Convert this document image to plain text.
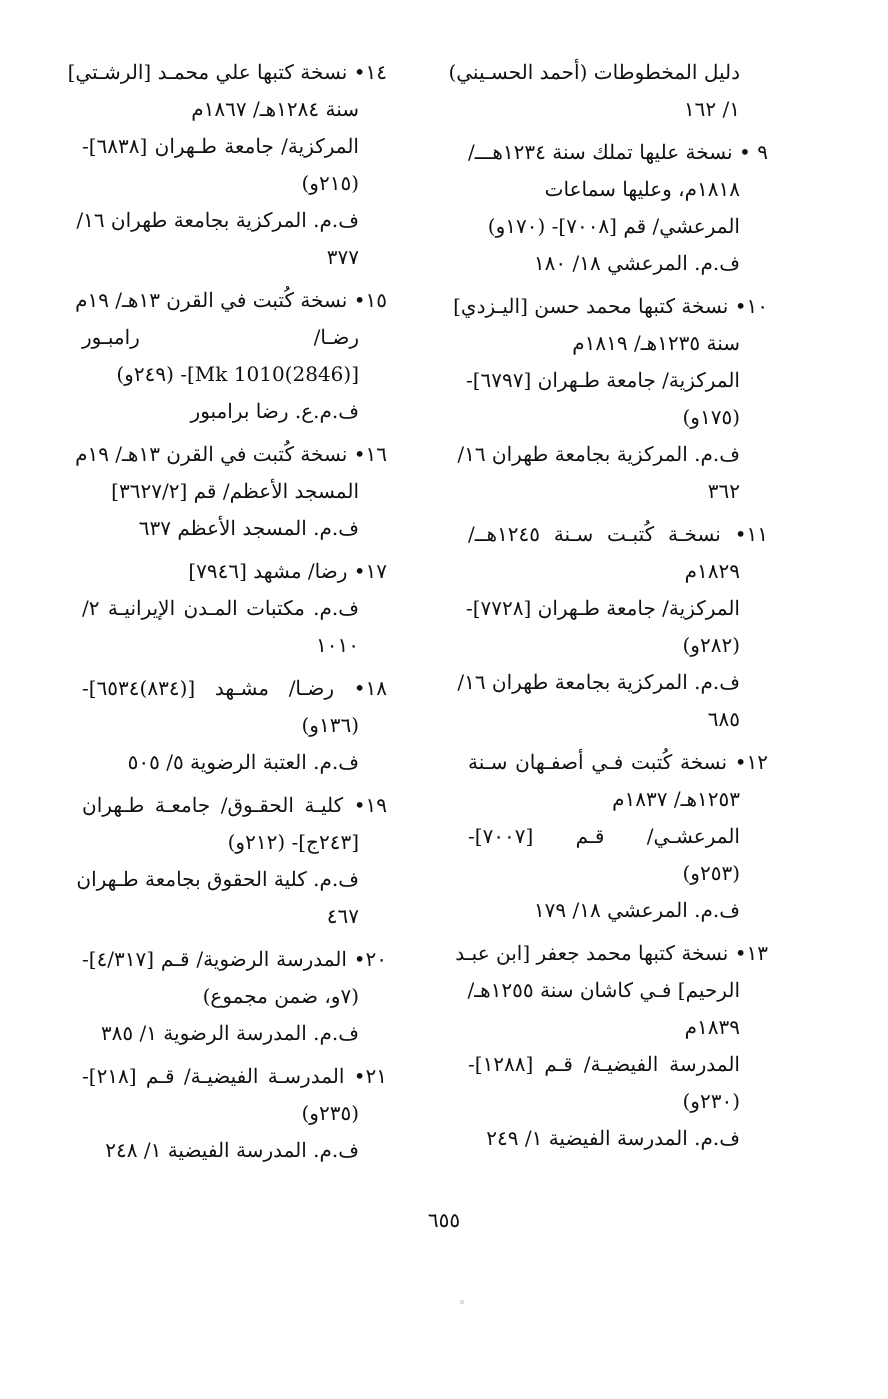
دليل المخطوطات (أحمد الحسـيني)
١/ ١٦٢
٩ • نسخة عليها تملك سنة ١٢٣٤هـــ/
١٨١٨م، وعليها سماعات
المرعشي/ قم [٧٠٠٨]- (١٧٠و)
ف.م. المرعشي ١٨/ ١٨٠
١٠• نسخة كتبها محمد حسن [اليـزدي]
سنة ١٢٣٥هـ/ ١٨١٩م
المركزية/ جامعة طـهران [٦٧٩٧]-
(١٧٥و)
ف.م. المركزية بجامعة طهران ١٦/
٣٦٢
١١• نسخـة كُتبـت سـنة ١٢٤٥هــ/
١٨٢٩م
المركزية/ جامعة طـهران [٧٧٢٨]-
(٢٨٢و)
ف.م. المركزية بجامعة طهران ١٦/
٦٨٥
١٢• نسخة كُتبت فـي أصفـهان سـنة
١٢٥٣هـ/ ١٨٣٧م
المرعشـي/ قـم [٧٠٠٧]-
(٢٥٣و)
ف.م. المرعشي ١٨/ ١٧٩
١٣• نسخة كتبها محمد جعفر [ابن عبـد
الرحيم] فـي كاشان سنة ١٢٥٥هـ/
١٨٣٩م
المدرسة الفيضيـة/ قـم [١٢٨٨]-
(٢٣٠و)
ف.م. المدرسة الفيضية ١/ ٢٤٩
١٤• نسخة كتبها علي محمـد [الرشـتي]
سنة ١٢٨٤هـ/ ١٨٦٧م
المركزية/ جامعة طـهران [٦٨٣٨]-
(٢١٥و)
ف.م. المركزية بجامعة طهران ١٦/
٣٧٧
١٥• نسخة كُتبت في القرن ١٣هـ/ ١٩م
رضـا/ رامبـور
[(2846)1010 Mk]- (٢٤٩و)
ف.م.ع. رضا برامبور
١٦• نسخة كُتبت في القرن ١٣هـ/ ١٩م
المسجد الأعظم/ قم [٣٦٢٧/٢]
ف.م. المسجد الأعظم ٦٣٧
١٧• رضا/ مشهد [٧٩٤٦]
ف.م. مكتبات المـدن الإيرانيـة ٢/
١٠١٠
١٨• رضـا/ مشـهد [(٨٣٤)٦٥٣٤]-
(١٣٦و)
ف.م. العتبة الرضوية ٥/ ٥٠٥
١٩• كليـة الحقـوق/ جامعـة طـهران
[٢٤٣ج]- (٢١٢و)
ف.م. كلية الحقوق بجامعة طـهران
٤٦٧
٢٠• المدرسة الرضوية/ قـم [٤/٣١٧]-
(٧و، ضمن مجموع)
ف.م. المدرسة الرضوية ١/ ٣٨٥
٢١• المدرسـة الفيضيـة/ قـم [٢١٨]-
(٢٣٥و)
ف.م. المدرسة الفيضية ١/ ٢٤٨
٦٥٥
